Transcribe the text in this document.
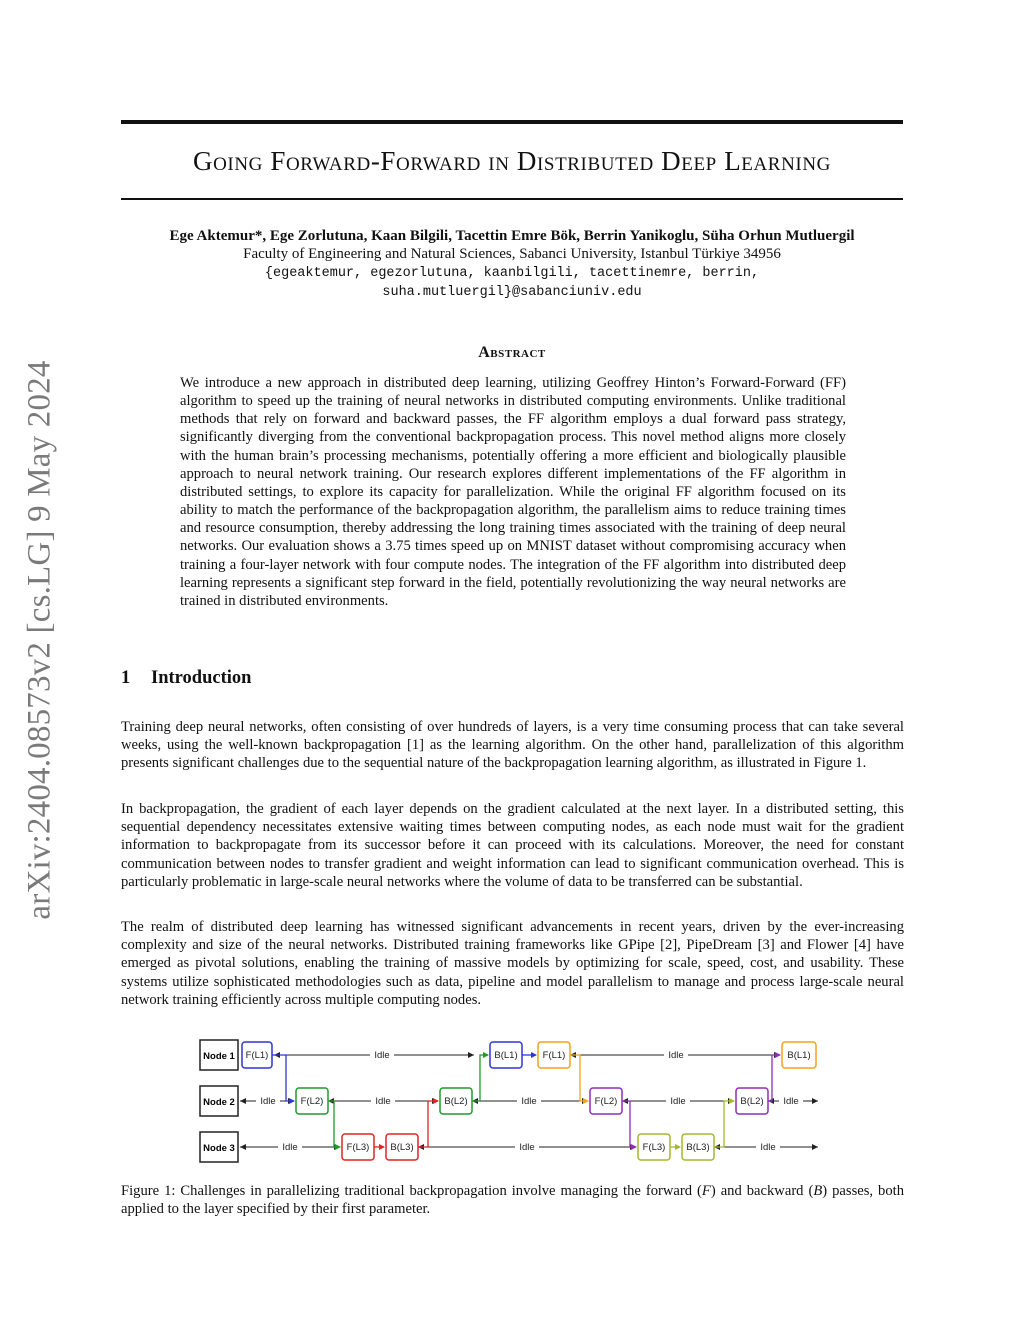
arXiv:2404.08573v2 [cs.LG] 9 May 2024
Going Forward-Forward in Distributed Deep Learning
Ege Aktemur*, Ege Zorlutuna, Kaan Bilgili, Tacettin Emre Bök, Berrin Yanikoglu, Süha Orhun Mutluergil
Faculty of Engineering and Natural Sciences, Sabanci University, Istanbul Türkiye 34956
{egeaktemur, egezorlutuna, kaanbilgili, tacettinemre, berrin,
suha.mutluergil}@sabanciuniv.edu
Abstract
We introduce a new approach in distributed deep learning, utilizing Geoffrey Hinton’s Forward-Forward (FF) algorithm to speed up the training of neural networks in distributed computing environments. Unlike traditional methods that rely on forward and backward passes, the FF algorithm employs a dual forward pass strategy, significantly diverging from the conventional backpropagation process. This novel method aligns more closely with the human brain’s processing mechanisms, potentially offering a more efficient and biologically plausible approach to neural network training. Our research explores different implementations of the FF algorithm in distributed settings, to explore its capacity for parallelization. While the original FF algorithm focused on its ability to match the performance of the backpropagation algorithm, the parallelism aims to reduce training times and resource consumption, thereby addressing the long training times associated with the training of deep neural networks. Our evaluation shows a 3.75 times speed up on MNIST dataset without compromising accuracy when training a four-layer network with four compute nodes. The integration of the FF algorithm into distributed deep learning represents a significant step forward in the field, potentially revolutionizing the way neural networks are trained in distributed environments.
1 Introduction

Training deep neural networks, often consisting of over hundreds of layers, is a very time consuming process that can take several weeks, using the well-known backpropagation [1] as the learning algorithm. On the other hand, parallelization of this algorithm presents significant challenges due to the sequential nature of the backpropagation learning algorithm, as illustrated in Figure 1.

In backpropagation, the gradient of each layer depends on the gradient calculated at the next layer. In a distributed setting, this sequential dependency necessitates extensive waiting times between computing nodes, as each node must wait for the gradient information to backpropagate from its successor before it can proceed with its calculations. Moreover, the need for constant communication between nodes to transfer gradient and weight information can lead to significant communication overhead. This is particularly problematic in large-scale neural networks where the volume of data to be transferred can be substantial.

The realm of distributed deep learning has witnessed significant advancements in recent years, driven by the ever-increasing complexity and size of the neural networks. Distributed training frameworks like GPipe [2], PipeDream [3] and Flower [4] have emerged as pivotal solutions, enabling the training of massive models by optimizing for scale, speed, cost, and usability. These systems utilize sophisticated methodologies such as data, pipeline and model parallelism to manage and process large-scale neural network training efficiently across multiple computing nodes.

Node 1
Node 2
Node 3
Idle	Idle
Idle	Idle	Idle	Idle	Idle
Idle	Idle	Idle
F(L1)
F(L2)
F(L3) B(L3)
B(L2)
B(L1)	F(L1)
F(L2)
F(L3) B(L3)
B(L2)
B(L1)
Figure 1: Challenges in parallelizing traditional backpropagation involve managing the forward (F) and backward (B) passes, both applied to the layer specified by their first parameter.
